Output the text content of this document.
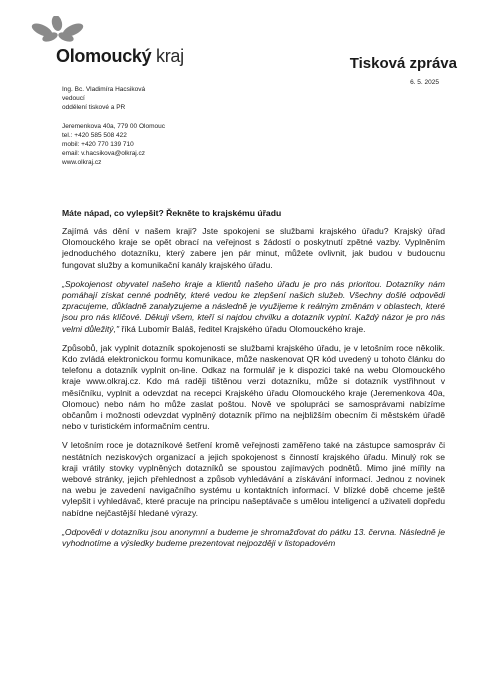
Olomoucký kraj	Tisková zpráva
6. 5. 2025
Ing. Bc. Vladimíra Hacsiková
vedoucí
oddělení tiskové a PR
Jeremenkova 40a, 779 00 Olomouc
tel.: +420 585 508 422
mobil: +420 770 139 710
email: v.hacsikova@olkraj.cz
www.olkraj.cz

Máte nápad, co vylepšit? Řekněte to krajskému úřadu

Zajímá vás dění v našem kraji? Jste spokojeni se službami krajského úřadu? Krajský úřad Olomouckého kraje se opět obrací na veřejnost s žádostí o poskytnutí zpětné vazby. Vyplněním jednoduchého dotazníku, který zabere jen pár minut, můžete ovlivnit, jak budou v budoucnu fungovat služby a komunikační kanály krajského úřadu.

„Spokojenost obyvatel našeho kraje a klientů našeho úřadu je pro nás prioritou. Dotazníky nám pomáhají získat cenné podněty, které vedou ke zlepšení našich služeb. Všechny došlé odpovědi zpracujeme, důkladně zanalyzujeme a následně je využijeme k reálným změnám v oblastech, které jsou pro nás klíčové. Děkuji všem, kteří si najdou chvilku a dotazník vyplní. Každý názor je pro nás velmi důležitý," říká Lubomír Baláš, ředitel Krajského úřadu Olomouckého kraje.

Způsobů, jak vyplnit dotazník spokojenosti se službami krajského úřadu, je v letošním roce několik. Kdo zvládá elektronickou formu komunikace, může naskenovat QR kód uvedený u tohoto článku do telefonu a dotazník vyplnit on-line. Odkaz na formulář je k dispozici také na webu Olomouckého kraje www.olkraj.cz. Kdo má raději tištěnou verzi dotazníku, může si dotazník vystřihnout v měsíčníku, vyplnit a odevzdat na recepci Krajského úřadu Olomouckého kraje (Jeremenkova 40a, Olomouc) nebo nám ho může zaslat poštou. Nově ve spolupráci se samosprávami nabízíme občanům i možnosti odevzdat vyplněný dotazník přímo na nejbližším obecním či městském úřadě nebo v turistickém informačním centru.

V letošním roce je dotazníkové šetření kromě veřejnosti zaměřeno také na zástupce samospráv či nestátních neziskových organizací a jejich spokojenost s činností krajského úřadu. Minulý rok se kraji vrátily stovky vyplněných dotazníků se spoustou zajímavých podnětů. Mimo jiné mířily na webové stránky, jejich přehlednost a způsob vyhledávání a získávání informací. Jednou z novinek na webu je zavedení navigačního systému u kontaktních informací. V blízké době chceme ještě vylepšit i vyhledávač, které pracuje na principu našeptávače s umělou inteligencí a uživateli dopředu nabídne nejčastější hledané výrazy.

„Odpovědi v dotazníku jsou anonymní a budeme je shromažďovat do pátku 13. června. Následně je vyhodnotíme a výsledky budeme prezentovat nejpozději v listopadovém
